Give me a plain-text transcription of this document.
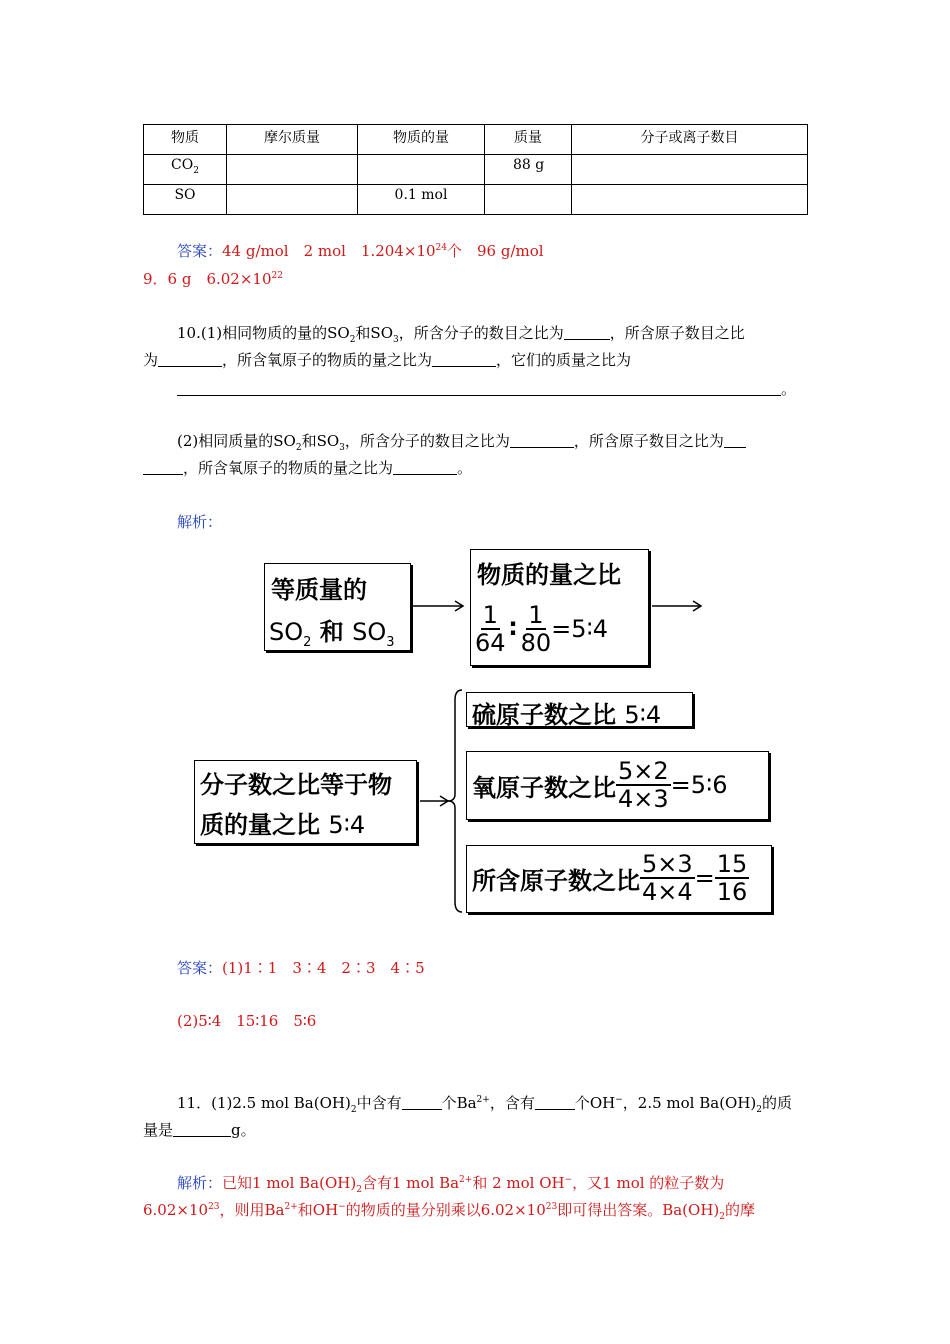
物质	摩尔质量	物质的量	质量	分子或离子数目

$CO_2$			88 g	

SO		0.1 mol		

答案：44 g/mol　2 mol　$1.204\times 10^{24}$个　96 g/mol
9．6 g　$6.02\times 10^{22}$
10.(1)相同物质的量的$SO_2$和$SO_3$，所含分子的数目之比为	，所含原子数目之比
为	，所含氧原子的物质的量之比为	，它们的质量之比为
。
(2)相同质量的$SO_2$和$SO_3$，所含分子的数目之比为	，所含原子数目之比为
，所含氧原子的物质的量之比为	。
解析：
等质量的
$SO_2$ 和 $SO_3$
物质的量之比
$\frac{1}{64}$ ∶ $\frac{1}{80}$ =5∶4
分子数之比等于物
质的量之比 5∶4
硫原子数之比 5∶4
氧原子数之比 $\frac{5\times 2}{4\times 3}$ =5∶6
所含原子数之比 $\frac{5\times 3}{4\times 4} = \frac{15}{16}$
答案：(1)1∶1　3∶4　2∶3　4∶5
(2)5∶4　15∶16　5∶6
11．(1)2.5 mol $Ba(OH)_2$中含有	个$Ba^{2+}$，含有	个OH−，2.5 mol $Ba(OH)_2$的质
量是	g。
解析：已知1 mol $Ba(OH)_2$含有1 mol $Ba^{2+}$和 2 mol OH−，又1 mol 的粒子数为
$6.02\times 10^{23}$，则用$Ba^{2+}$和OH−的物质的量分别乘以$6.02\times 10^{23}$即可得出答案。$Ba(OH)_2$的摩
